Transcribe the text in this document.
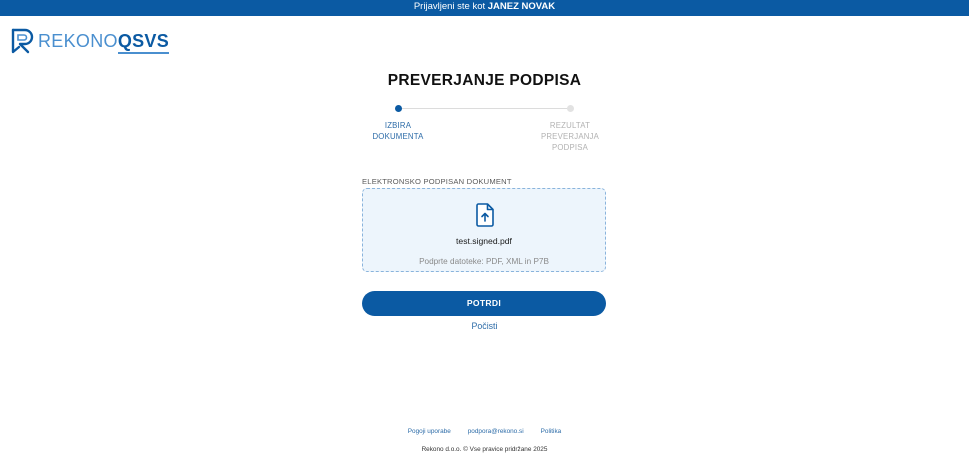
Prijavljeni ste kot JANEZ NOVAK
REKONOQSVS
PREVERJANJE PODPISA
IZBIRA
DOKUMENTA
REZULTAT
PREVERJANJA
PODPISA
ELEKTRONSKO PODPISAN DOKUMENT
test.signed.pdf
Podprte datoteke: PDF, XML in P7B
POTRDI
Počisti
Pogoji uporabe	podpora@rekono.si	Politika
Rekono d.o.o. © Vse pravice pridržane 2025
